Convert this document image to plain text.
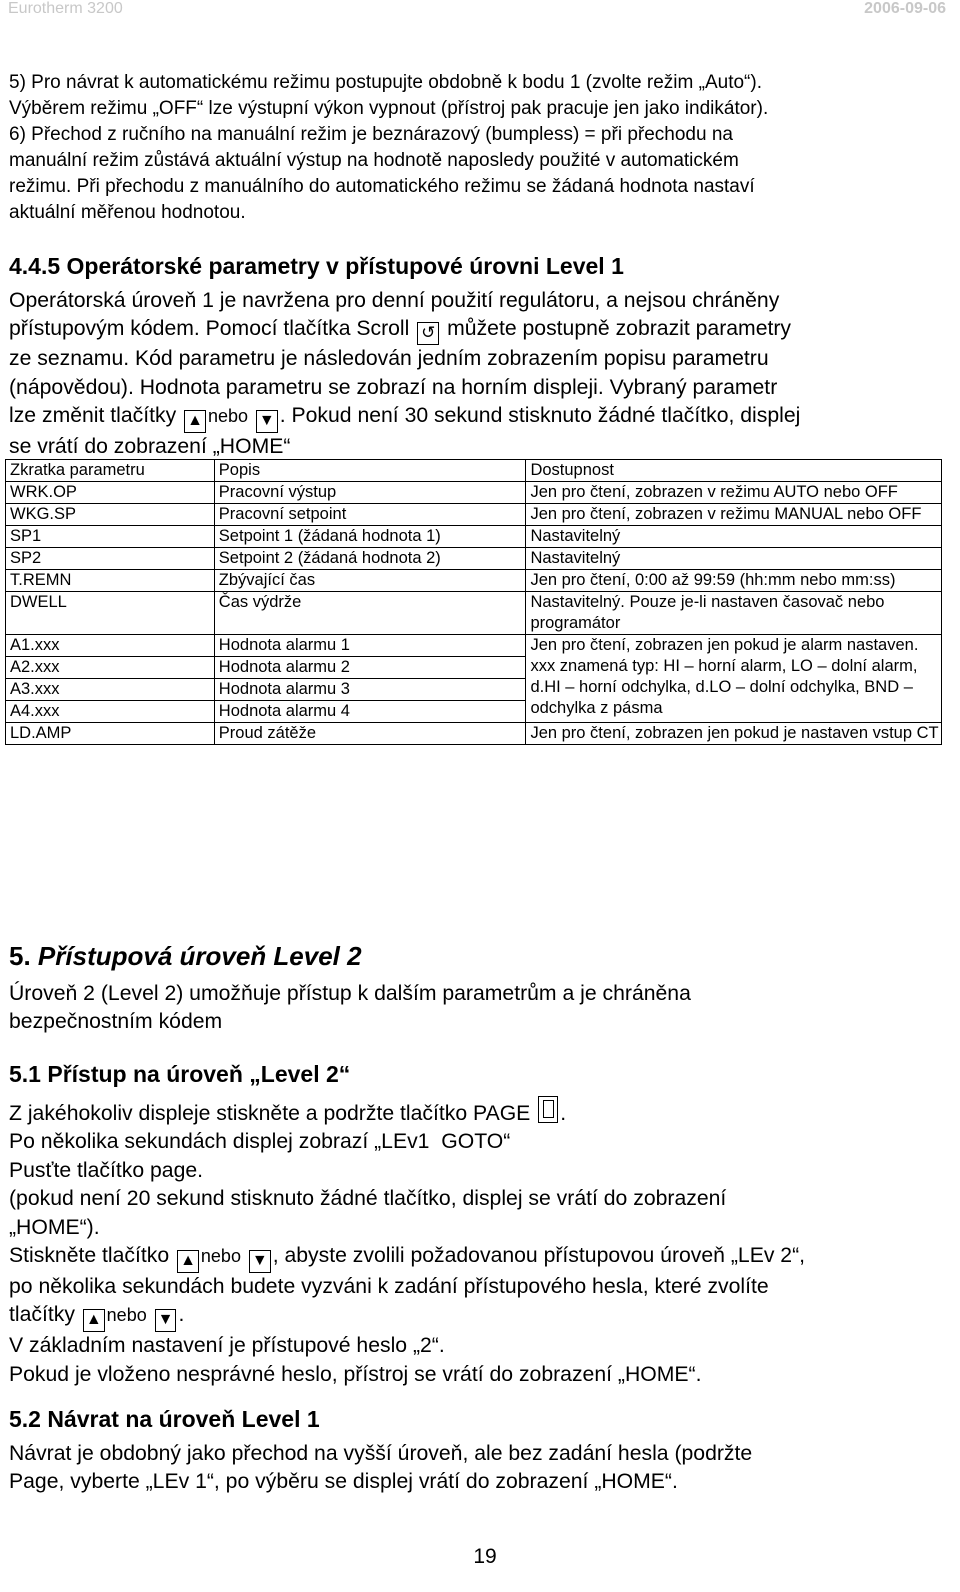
Eurotherm 3200	2006-09-06

5) Pro návrat k automatickému režimu postupujte obdobně k bodu 1 (zvolte režim „Auto“).

Výběrem režimu „OFF“ lze výstupní výkon vypnout (přístroj pak pracuje jen jako indikátor).

6) Přechod z ručního na manuální režim je beznárazový (bumpless) = při přechodu na

manuální režim zůstává aktuální výstup na hodnotě naposledy použité v automatickém

režimu. Při přechodu z manuálního do automatického režimu se žádaná hodnota nastaví

aktuální měřenou hodnotou.

4.4.5 Operátorské parametry v přístupové úrovni Level 1

Operátorská úroveň 1 je navržena pro denní použití regulátoru, a nejsou chráněny

přístupovým kódem. Pomocí tlačítka Scroll ↺ můžete postupně zobrazit parametry

ze seznamu. Kód parametru je následován jedním zobrazením popisu parametru

(nápovědou). Hodnota parametru se zobrazí na horním displeji. Vybraný parametr

lze změnit tlačítky ▲ nebo ▼ . Pokud není 30 sekund stisknuto žádné tlačítko, displej

se vrátí do zobrazení „HOME“

Zkratka parametru	Popis	Dostupnost
WRK.OP	Pracovní výstup	Jen pro čtení, zobrazen v režimu AUTO nebo OFF
WKG.SP	Pracovní setpoint	Jen pro čtení, zobrazen v režimu MANUAL nebo OFF
SP1	Setpoint 1 (žádaná hodnota 1)	Nastavitelný
SP2	Setpoint 2 (žádaná hodnota 2)	Nastavitelný
T.REMN	Zbývající čas	Jen pro čtení, 0:00 až 99:59 (hh:mm nebo mm:ss)
DWELL	Čas výdrže	Nastavitelný. Pouze je-li nastaven časovač nebo programátor
A1.xxx	Hodnota alarmu 1	Jen pro čtení, zobrazen jen pokud je alarm nastaven. xxx znamená typ: HI – horní alarm, LO – dolní alarm, d.HI – horní odchylka, d.LO – dolní odchylka, BND – odchylka z pásma
A2.xxx	Hodnota alarmu 2	
A3.xxx	Hodnota alarmu 3	
A4.xxx	Hodnota alarmu 4	
LD.AMP	Proud zátěže	Jen pro čtení, zobrazen jen pokud je nastaven vstup CT

5. Přístupová úroveň Level 2

Úroveň 2 (Level 2) umožňuje přístup k dalším parametrům a je chráněna bezpečnostním kódem

5.1 Přístup na úroveň „Level 2“

Z jakéhokoliv displeje stiskněte a podržte tlačítko PAGE .

Po několika sekundách displej zobrazí „LEv1  GOTO“

Pusťte tlačítko page.

(pokud není 20 sekund stisknuto žádné tlačítko, displej se vrátí do zobrazení

„HOME“).

Stiskněte tlačítko ▲ nebo ▼ , abyste zvolili požadovanou přístupovou úroveň „LEv 2“,

po několika sekundách budete vyzváni k zadání přístupového hesla, které zvolíte

tlačítky ▲ nebo ▼ .

V základním nastavení je přístupové heslo „2“.

Pokud je vloženo nesprávné heslo, přístroj se vrátí do zobrazení „HOME“.

5.2 Návrat na úroveň Level 1

Návrat je obdobný jako přechod na vyšší úroveň, ale bez zadání hesla (podržte

Page, vyberte „LEv 1“, po výběru se displej vrátí do zobrazení „HOME“.

19
